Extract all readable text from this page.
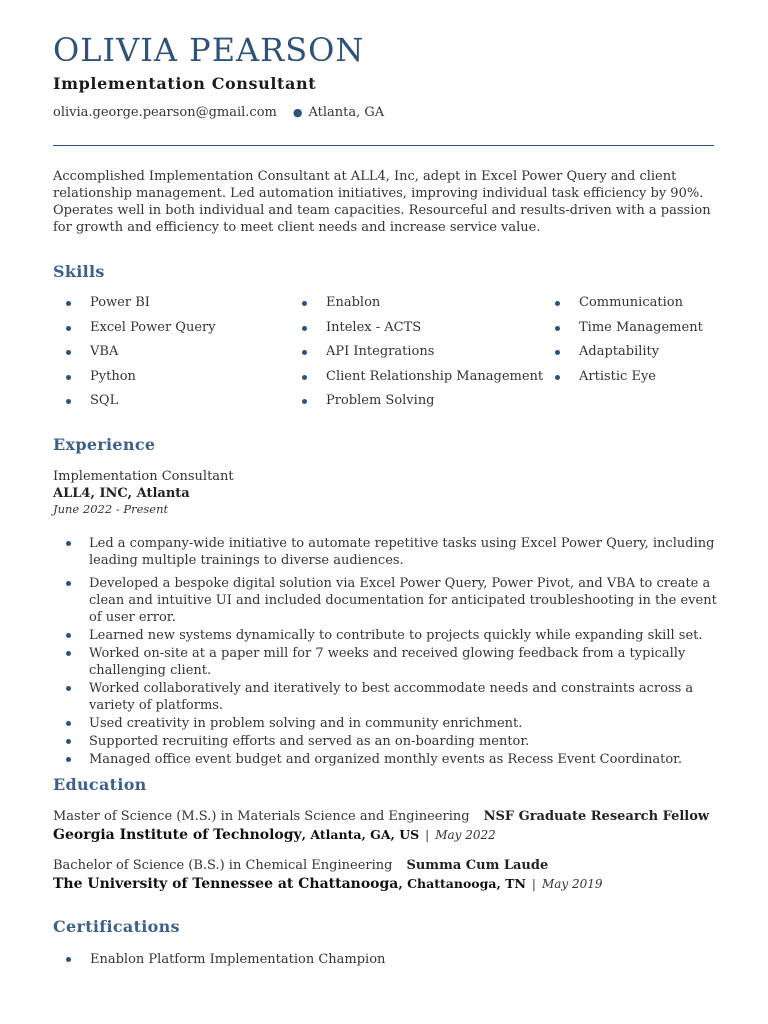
OLIVIA PEARSON
Implementation Consultant
olivia.george.pearson@gmail.com ● Atlanta, GA
Accomplished Implementation Consultant at ALL4, Inc, adept in Excel Power Query and client relationship management. Led automation initiatives, improving individual task efficiency by 90%. Operates well in both individual and team capacities. Resourceful and results-driven with a passion for growth and efficiency to meet client needs and increase service value.
Skills
Power BI
Excel Power Query
VBA
Python
SQL
Enablon
Intelex - ACTS
API Integrations
Client Relationship Management
Problem Solving
Communication
Time Management
Adaptability
Artistic Eye
Experience
Implementation Consultant
ALL4, INC, Atlanta
June 2022 - Present
Led a company-wide initiative to automate repetitive tasks using Excel Power Query, including leading multiple trainings to diverse audiences.
Developed a bespoke digital solution via Excel Power Query, Power Pivot, and VBA to create a clean and intuitive UI and included documentation for anticipated troubleshooting in the event of user error.
Learned new systems dynamically to contribute to projects quickly while expanding skill set.
Worked on-site at a paper mill for 7 weeks and received glowing feedback from a typically challenging client.
Worked collaboratively and iteratively to best accommodate needs and constraints across a variety of platforms.
Used creativity in problem solving and in community enrichment.
Supported recruiting efforts and served as an on-boarding mentor.
Managed office event budget and organized monthly events as Recess Event Coordinator.
Education
Master of Science (M.S.) in Materials Science and Engineering NSF Graduate Research Fellow
Georgia Institute of Technology, Atlanta, GA, US | May 2022
Bachelor of Science (B.S.) in Chemical Engineering Summa Cum Laude
The University of Tennessee at Chattanooga, Chattanooga, TN | May 2019
Certifications
Enablon Platform Implementation Champion
